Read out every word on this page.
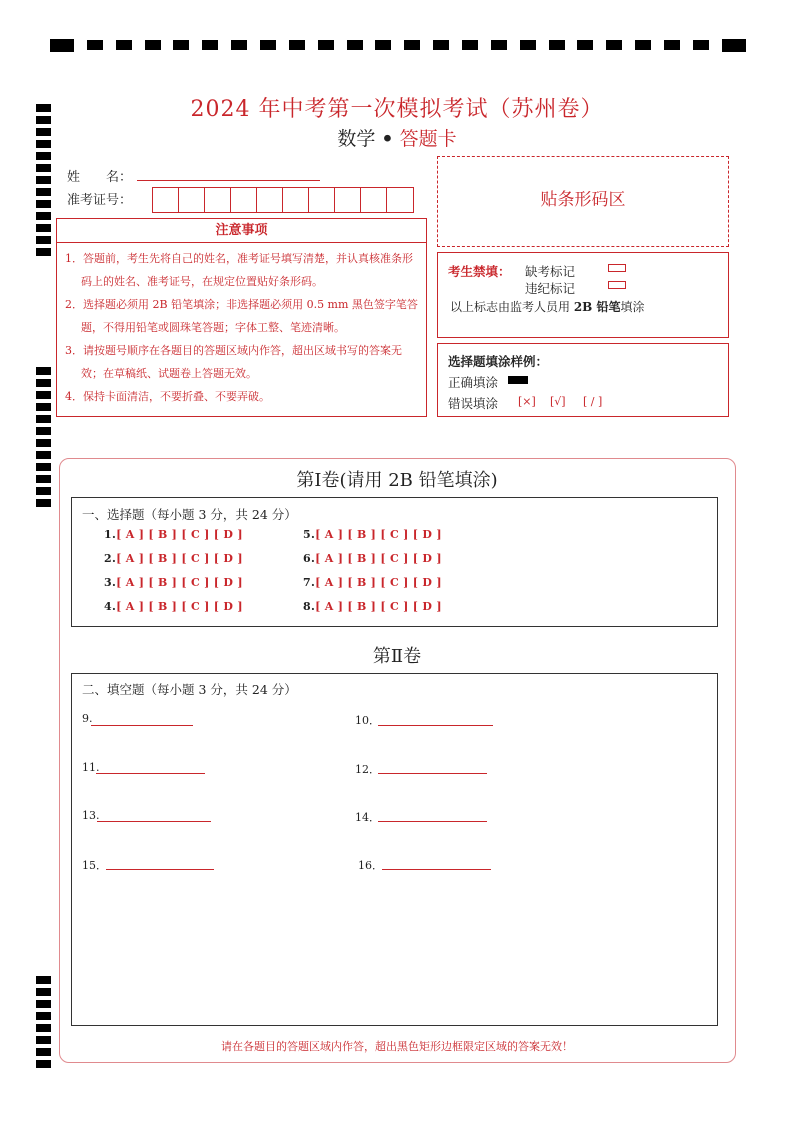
2024 年中考第一次模拟考试（苏州卷）
数学 • 答题卡
姓　　名：
准考证号：
注意事项
1．答题前，考生先将自己的姓名，准考证号填写清楚，并认真核准条形码上的姓名、准考证号，在规定位置贴好条形码。
2．选择题必须用 2B 铅笔填涂；非选择题必须用 0.5 mm 黑色签字笔答题，不得用铅笔或圆珠笔答题；字体工整、笔迹清晰。
3．请按题号顺序在各题目的答题区域内作答，超出区域书写的答案无效；在草稿纸、试题卷上答题无效。
4．保持卡面清洁，不要折叠、不要弄破。
贴条形码区
考生禁填： 缺考标记
违纪标记
以上标志由监考人员用 2B 铅笔填涂
选择题填涂样例：
正确填涂
错误填涂 [×] [√] [ / ]
第Ⅰ卷(请用 2B 铅笔填涂)
一、选择题（每小题 3 分，共 24 分）
1.[ A ] [ B ] [ C ] [ D ]
2.[ A ] [ B ] [ C ] [ D ]
3.[ A ] [ B ] [ C ] [ D ]
4.[ A ] [ B ] [ C ] [ D ]
5.[ A ] [ B ] [ C ] [ D ]
6.[ A ] [ B ] [ C ] [ D ]
7.[ A ] [ B ] [ C ] [ D ]
8.[ A ] [ B ] [ C ] [ D ]
第Ⅱ卷
二、填空题（每小题 3 分，共 24 分）
9.	10．
11.	12．
13.	14．
15．	16．
请在各题目的答题区域内作答，超出黑色矩形边框限定区域的答案无效！
